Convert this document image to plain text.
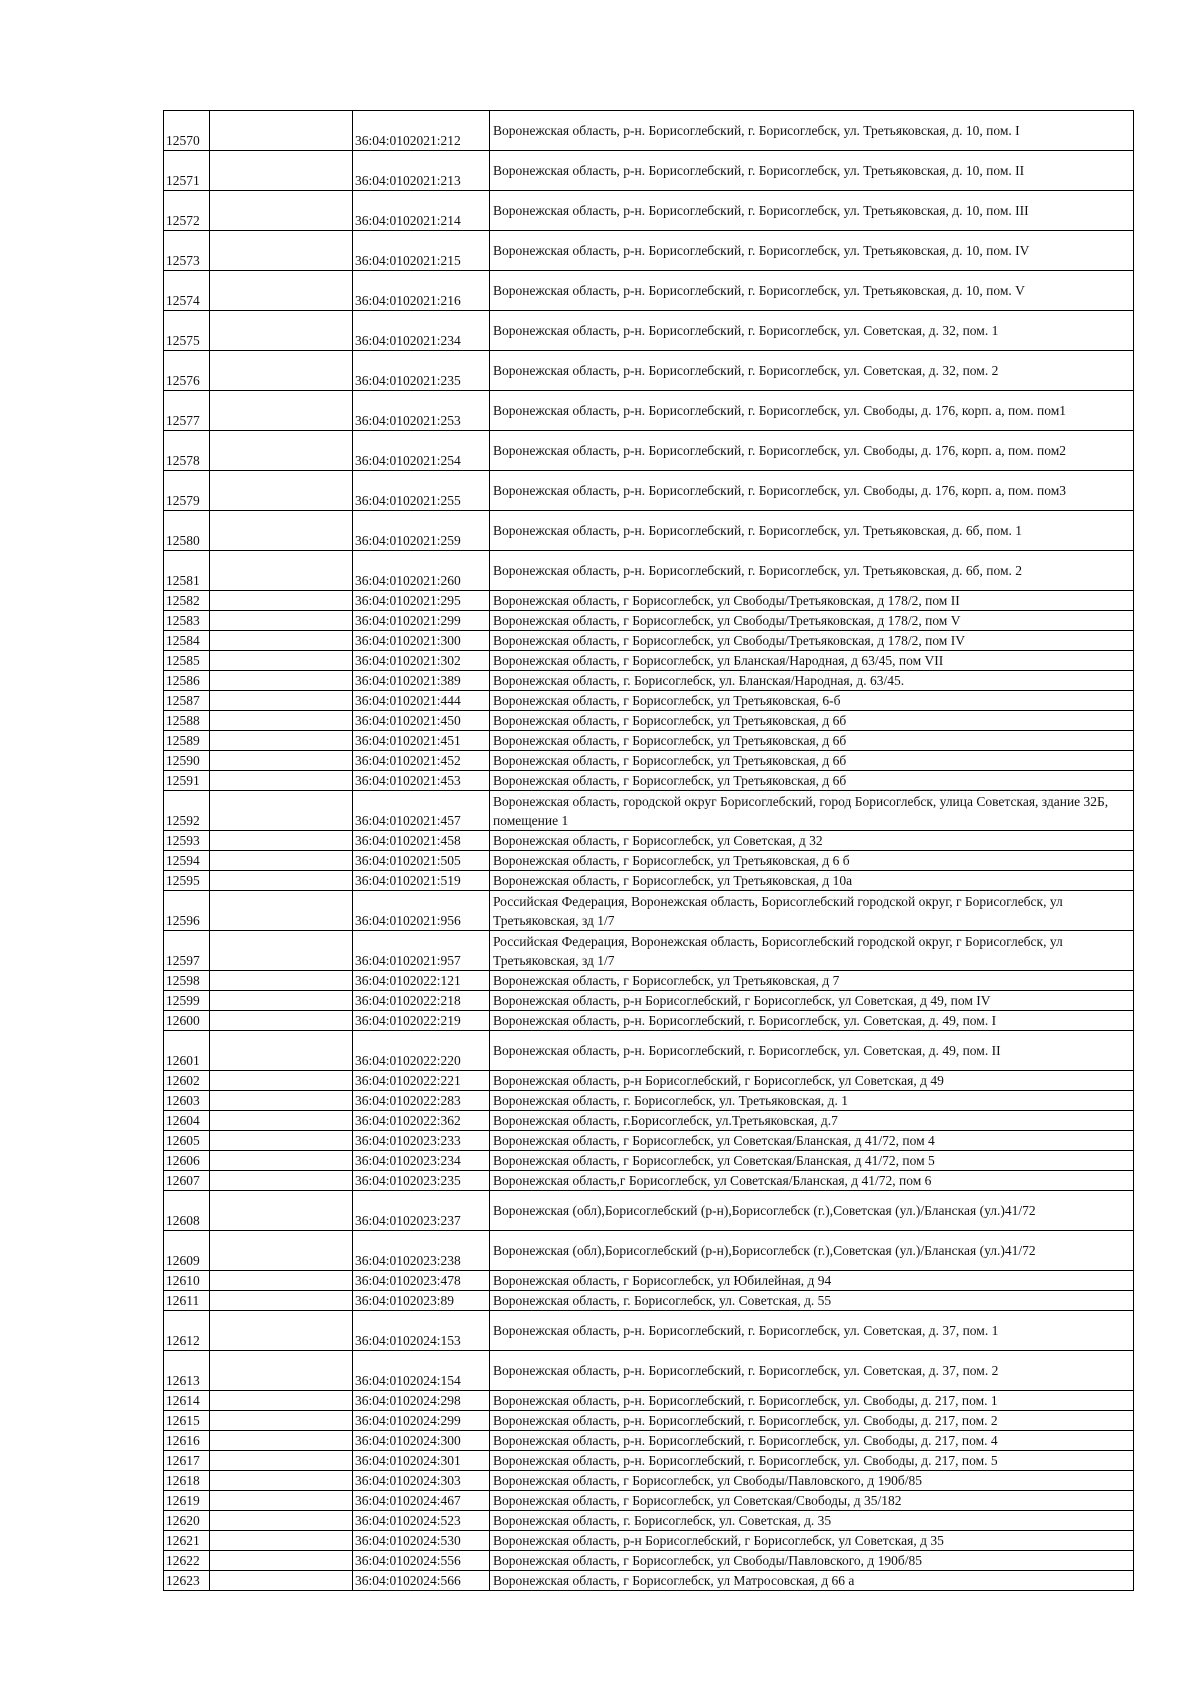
12570		36:04:0102021:212	Воронежская область, р-н. Борисоглебский, г. Борисоглебск, ул. Третьяковская, д. 10, пом. I
12571		36:04:0102021:213	Воронежская область, р-н. Борисоглебский, г. Борисоглебск, ул. Третьяковская, д. 10, пом. II
12572		36:04:0102021:214	Воронежская область, р-н. Борисоглебский, г. Борисоглебск, ул. Третьяковская, д. 10, пом. III
12573		36:04:0102021:215	Воронежская область, р-н. Борисоглебский, г. Борисоглебск, ул. Третьяковская, д. 10, пом. IV
12574		36:04:0102021:216	Воронежская область, р-н. Борисоглебский, г. Борисоглебск, ул. Третьяковская, д. 10, пом. V
12575		36:04:0102021:234	Воронежская область, р-н. Борисоглебский, г. Борисоглебск, ул. Советская, д. 32, пом. 1
12576		36:04:0102021:235	Воронежская область, р-н. Борисоглебский, г. Борисоглебск, ул. Советская, д. 32, пом. 2
12577		36:04:0102021:253	Воронежская область, р-н. Борисоглебский, г. Борисоглебск, ул. Свободы, д. 176, корп. а, пом. пом1
12578		36:04:0102021:254	Воронежская область, р-н. Борисоглебский, г. Борисоглебск, ул. Свободы, д. 176, корп. а, пом. пом2
12579		36:04:0102021:255	Воронежская область, р-н. Борисоглебский, г. Борисоглебск, ул. Свободы, д. 176, корп. а, пом. пом3
12580		36:04:0102021:259	Воронежская область, р-н. Борисоглебский, г. Борисоглебск, ул. Третьяковская, д. 6б, пом. 1
12581		36:04:0102021:260	Воронежская область, р-н. Борисоглебский, г. Борисоглебск, ул. Третьяковская, д. 6б, пом. 2
12582		36:04:0102021:295	Воронежская область, г Борисоглебск, ул Свободы/Третьяковская, д 178/2, пом II
12583		36:04:0102021:299	Воронежская область, г Борисоглебск, ул Свободы/Третьяковская, д 178/2, пом V
12584		36:04:0102021:300	Воронежская область, г Борисоглебск, ул Свободы/Третьяковская, д 178/2, пом IV
12585		36:04:0102021:302	Воронежская область, г Борисоглебск, ул Бланская/Народная, д 63/45, пом VII
12586		36:04:0102021:389	Воронежская область, г. Борисоглебск, ул. Бланская/Народная, д. 63/45.
12587		36:04:0102021:444	Воронежская область, г Борисоглебск, ул Третьяковская, 6-б
12588		36:04:0102021:450	Воронежская область, г Борисоглебск, ул Третьяковская, д 6б
12589		36:04:0102021:451	Воронежская область, г Борисоглебск, ул Третьяковская, д 6б
12590		36:04:0102021:452	Воронежская область, г Борисоглебск, ул Третьяковская, д 6б
12591		36:04:0102021:453	Воронежская область, г Борисоглебск, ул Третьяковская, д 6б
12592		36:04:0102021:457	Воронежская область, городской округ Борисоглебский, город Борисоглебск, улица Советская, здание 32Б, помещение 1
12593		36:04:0102021:458	Воронежская область, г Борисоглебск, ул Советская, д 32
12594		36:04:0102021:505	Воронежская область, г Борисоглебск, ул Третьяковская, д 6 б
12595		36:04:0102021:519	Воронежская область, г Борисоглебск, ул Третьяковская, д 10а
12596		36:04:0102021:956	Российская Федерация, Воронежская область, Борисоглебский городской округ, г Борисоглебск, ул Третьяковская, зд 1/7
12597		36:04:0102021:957	Российская Федерация, Воронежская область, Борисоглебский городской округ, г Борисоглебск, ул Третьяковская, зд 1/7
12598		36:04:0102022:121	Воронежская область, г Борисоглебск, ул Третьяковская, д 7
12599		36:04:0102022:218	Воронежская область, р-н Борисоглебский, г Борисоглебск, ул Советская, д 49, пом IV
12600		36:04:0102022:219	Воронежская область, р-н. Борисоглебский, г. Борисоглебск, ул. Советская, д. 49, пом. I
12601		36:04:0102022:220	Воронежская область, р-н. Борисоглебский, г. Борисоглебск, ул. Советская, д. 49, пом. II
12602		36:04:0102022:221	Воронежская область, р-н Борисоглебский, г Борисоглебск, ул Советская, д 49
12603		36:04:0102022:283	Воронежская область, г. Борисоглебск, ул. Третьяковская, д. 1
12604		36:04:0102022:362	Воронежская область, г.Борисоглебск, ул.Третьяковская, д.7
12605		36:04:0102023:233	Воронежская область, г Борисоглебск, ул Советская/Бланская, д 41/72, пом 4
12606		36:04:0102023:234	Воронежская область, г Борисоглебск, ул Советская/Бланская, д 41/72, пом 5
12607		36:04:0102023:235	Воронежская область,г Борисоглебск, ул Советская/Бланская, д 41/72, пом 6
12608		36:04:0102023:237	Воронежская (обл),Борисоглебский (р-н),Борисоглебск (г.),Советская (ул.)/Бланская (ул.)41/72
12609		36:04:0102023:238	Воронежская (обл),Борисоглебский (р-н),Борисоглебск (г.),Советская (ул.)/Бланская (ул.)41/72
12610		36:04:0102023:478	Воронежская область, г Борисоглебск, ул Юбилейная, д 94
12611		36:04:0102023:89	Воронежская область, г. Борисоглебск, ул. Советская, д. 55
12612		36:04:0102024:153	Воронежская область, р-н. Борисоглебский, г. Борисоглебск, ул. Советская, д. 37, пом. 1
12613		36:04:0102024:154	Воронежская область, р-н. Борисоглебский, г. Борисоглебск, ул. Советская, д. 37, пом. 2
12614		36:04:0102024:298	Воронежская область, р-н. Борисоглебский, г. Борисоглебск, ул. Свободы, д. 217, пом. 1
12615		36:04:0102024:299	Воронежская область, р-н. Борисоглебский, г. Борисоглебск, ул. Свободы, д. 217, пом. 2
12616		36:04:0102024:300	Воронежская область, р-н. Борисоглебский, г. Борисоглебск, ул. Свободы, д. 217, пом. 4
12617		36:04:0102024:301	Воронежская область, р-н. Борисоглебский, г. Борисоглебск, ул. Свободы, д. 217, пом. 5
12618		36:04:0102024:303	Воронежская область, г Борисоглебск, ул Свободы/Павловского, д 190б/85
12619		36:04:0102024:467	Воронежская область, г Борисоглебск, ул Советская/Свободы, д 35/182
12620		36:04:0102024:523	Воронежская область, г. Борисоглебск, ул. Советская, д. 35
12621		36:04:0102024:530	Воронежская область, р-н Борисоглебский, г Борисоглебск, ул Советская, д 35
12622		36:04:0102024:556	Воронежская область, г Борисоглебск, ул Свободы/Павловского, д 190б/85
12623		36:04:0102024:566	Воронежская область, г Борисоглебск, ул Матросовская, д 66 а
